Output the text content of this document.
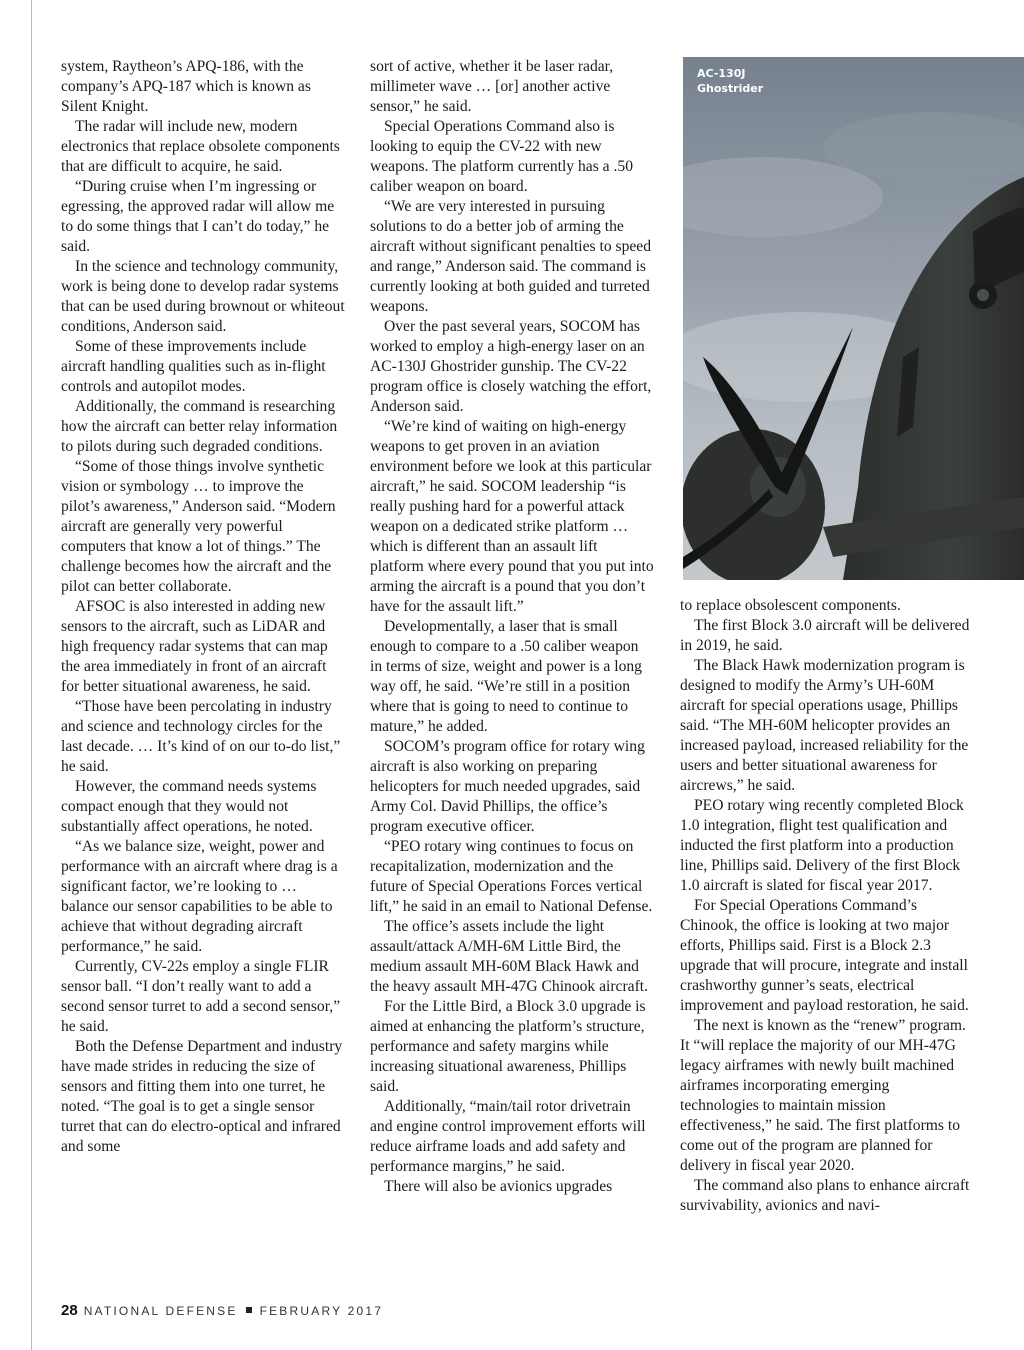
system, Raytheon’s APQ-186, with the company’s APQ-187 which is known as Silent Knight.

The radar will include new, modern electronics that replace obsolete components that are difficult to acquire, he said.

“During cruise when I’m ingressing or egressing, the approved radar will allow me to do some things that I can’t do today,” he said.

In the science and technology community, work is being done to develop radar systems that can be used during brownout or whiteout conditions, Anderson said.

Some of these improvements include aircraft handling qualities such as in-flight controls and autopilot modes.

Additionally, the command is researching how the aircraft can better relay information to pilots during such degraded conditions.

“Some of those things involve synthetic vision or symbology … to improve the pilot’s awareness,” Anderson said. “Modern aircraft are generally very powerful computers that know a lot of things.” The challenge becomes how the aircraft and the pilot can better collaborate.

AFSOC is also interested in adding new sensors to the aircraft, such as LiDAR and high frequency radar systems that can map the area immediately in front of an aircraft for better situational awareness, he said.

“Those have been percolating in industry and science and technology circles for the last decade. … It’s kind of on our to-do list,” he said.

However, the command needs systems compact enough that they would not substantially affect operations, he noted.

“As we balance size, weight, power and performance with an aircraft where drag is a significant factor, we’re looking to … balance our sensor capabilities to be able to achieve that without degrading aircraft performance,” he said.

Currently, CV-22s employ a single FLIR sensor ball. “I don’t really want to add a second sensor turret to add a second sensor,” he said.

Both the Defense Department and industry have made strides in reducing the size of sensors and fitting them into one turret, he noted. “The goal is to get a single sensor turret that can do electro-optical and infrared and some

sort of active, whether it be laser radar, millimeter wave … [or] another active sensor,” he said.

Special Operations Command also is looking to equip the CV-22 with new weapons. The platform currently has a .50 caliber weapon on board.

“We are very interested in pursuing solutions to do a better job of arming the aircraft without significant penalties to speed and range,” Anderson said. The command is currently looking at both guided and turreted weapons.

Over the past several years, SOCOM has worked to employ a high-energy laser on an AC-130J Ghostrider gunship. The CV-22 program office is closely watching the effort, Anderson said.

“We’re kind of waiting on high-energy weapons to get proven in an aviation environment before we look at this particular aircraft,” he said. SOCOM leadership “is really pushing hard for a powerful attack weapon on a dedicated strike platform … which is different than an assault lift platform where every pound that you put into arming the aircraft is a pound that you don’t have for the assault lift.”

Developmentally, a laser that is small enough to compare to a .50 caliber weapon in terms of size, weight and power is a long way off, he said. “We’re still in a position where that is going to need to continue to mature,” he added.

SOCOM’s program office for rotary wing aircraft is also working on preparing helicopters for much needed upgrades, said Army Col. David Phillips, the office’s program executive officer.

“PEO rotary wing continues to focus on recapitalization, modernization and the future of Special Operations Forces vertical lift,” he said in an email to National Defense.

The office’s assets include the light assault/attack A/MH-6M Little Bird, the medium assault MH-60M Black Hawk and the heavy assault MH-47G Chinook aircraft.

For the Little Bird, a Block 3.0 upgrade is aimed at enhancing the platform’s structure, performance and safety margins while increasing situational awareness, Phillips said.

Additionally, “main/tail rotor drivetrain and engine control improvement efforts will reduce airframe loads and add safety and performance margins,” he said.

There will also be avionics upgrades

AC-130J
Ghostrider

to replace obsolescent components.

The first Block 3.0 aircraft will be delivered in 2019, he said.

The Black Hawk modernization program is designed to modify the Army’s UH-60M aircraft for special operations usage, Phillips said. “The MH-60M helicopter provides an increased payload, increased reliability for the users and better situational awareness for aircrews,” he said.

PEO rotary wing recently completed Block 1.0 integration, flight test qualification and inducted the first platform into a production line, Phillips said. Delivery of the first Block 1.0 aircraft is slated for fiscal year 2017.

For Special Operations Command’s Chinook, the office is looking at two major efforts, Phillips said. First is a Block 2.3 upgrade that will procure, integrate and install crashworthy gunner’s seats, electrical improvement and payload restoration, he said.

The next is known as the “renew” program. It “will replace the majority of our MH-47G legacy airframes with newly built machined airframes incorporating emerging technologies to maintain mission effectiveness,” he said. The first platforms to come out of the program are planned for delivery in fiscal year 2020.

The command also plans to enhance aircraft survivability, avionics and navi-

28 NATIONAL DEFENSE FEBRUARY 2017
